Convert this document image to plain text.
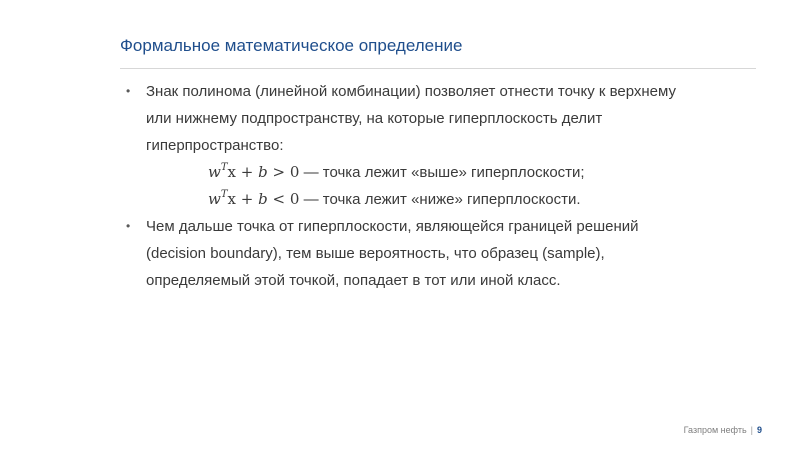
Формальное математическое определение
• Знак полинома (линейной комбинации) позволяет отнести точку к верхнему
или нижнему подпространству, на которые гиперплоскость делит
гиперпространство:
$w^Tx + b > 0$ — точка лежит «выше» гиперплоскости;
$w^Tx + b < 0$ — точка лежит «ниже» гиперплоскости.
• Чем дальше точка от гиперплоскости, являющейся границей решений
(decision boundary), тем выше вероятность, что образец (sample),
определяемый этой точкой, попадает в тот или иной класс.
Газпром нефть | 9
